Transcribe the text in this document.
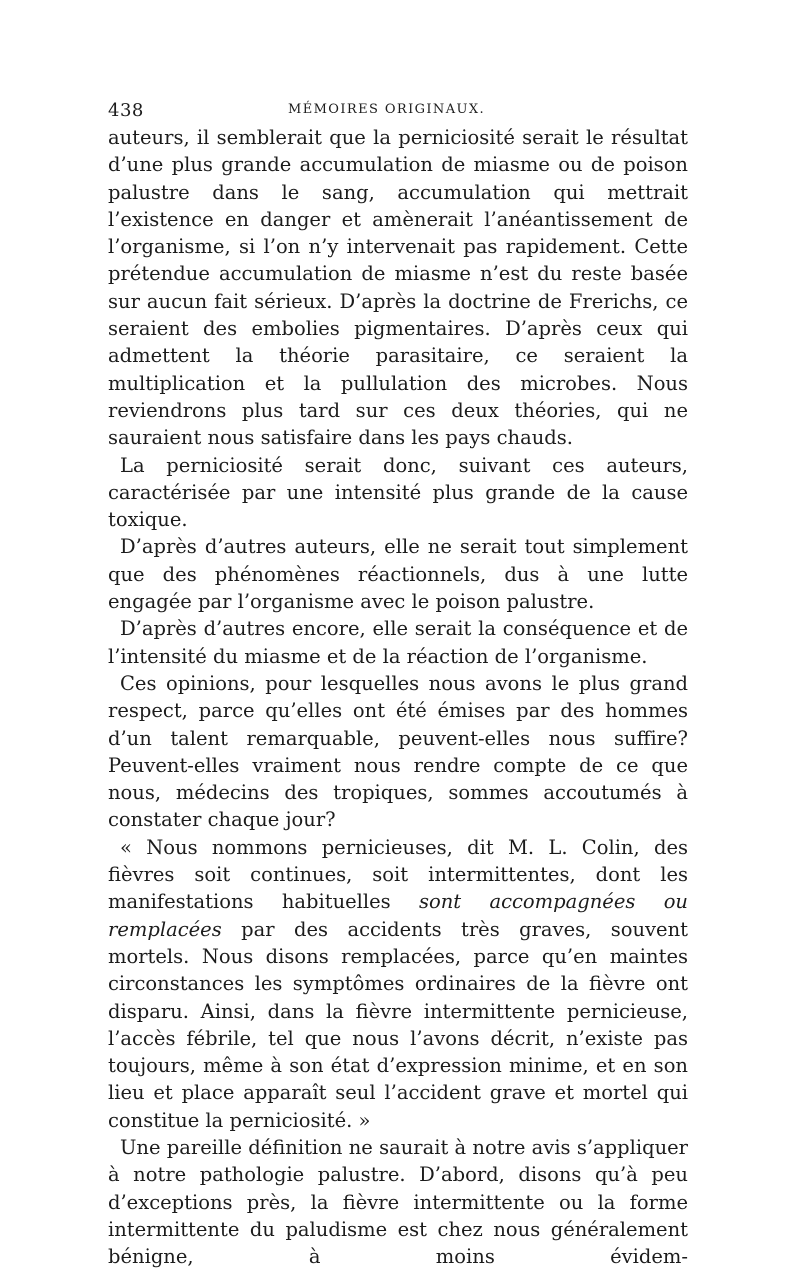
438	MÉMOIRES ORIGINAUX.

auteurs, il semblerait que la perniciosité serait le résultat d’une plus grande accumulation de miasme ou de poison palustre dans le sang, accumulation qui mettrait l’existence en danger et amènerait l’anéantissement de l’organisme, si l’on n’y intervenait pas rapidement. Cette prétendue accumulation de miasme n’est du reste basée sur aucun fait sérieux. D’après la doctrine de Frerichs, ce seraient des embolies pigmentaires. D’après ceux qui admettent la théorie parasitaire, ce seraient la multiplication et la pullulation des microbes. Nous reviendrons plus tard sur ces deux théories, qui ne sauraient nous satisfaire dans les pays chauds.

La perniciosité serait donc, suivant ces auteurs, caractérisée par une intensité plus grande de la cause toxique.

D’après d’autres auteurs, elle ne serait tout simplement que des phénomènes réactionnels, dus à une lutte engagée par l’organisme avec le poison palustre.

D’après d’autres encore, elle serait la conséquence et de l’intensité du miasme et de la réaction de l’organisme.

Ces opinions, pour lesquelles nous avons le plus grand respect, parce qu’elles ont été émises par des hommes d’un talent remarquable, peuvent-elles nous suffire? Peuvent-elles vraiment nous rendre compte de ce que nous, médecins des tropiques, sommes accoutumés à constater chaque jour?

« Nous nommons pernicieuses, dit M. L. Colin, des fièvres soit continues, soit intermittentes, dont les manifestations habituelles sont accompagnées ou remplacées par des accidents très graves, souvent mortels. Nous disons remplacées, parce qu’en maintes circonstances les symptômes ordinaires de la fièvre ont disparu. Ainsi, dans la fièvre intermittente pernicieuse, l’accès fébrile, tel que nous l’avons décrit, n’existe pas toujours, même à son état d’expression minime, et en son lieu et place apparaît seul l’accident grave et mortel qui constitue la perniciosité. »

Une pareille définition ne saurait à notre avis s’appliquer à notre pathologie palustre. D’abord, disons qu’à peu d’exceptions près, la fièvre intermittente ou la forme intermittente du paludisme est chez nous généralement bénigne, à moins évidem-
